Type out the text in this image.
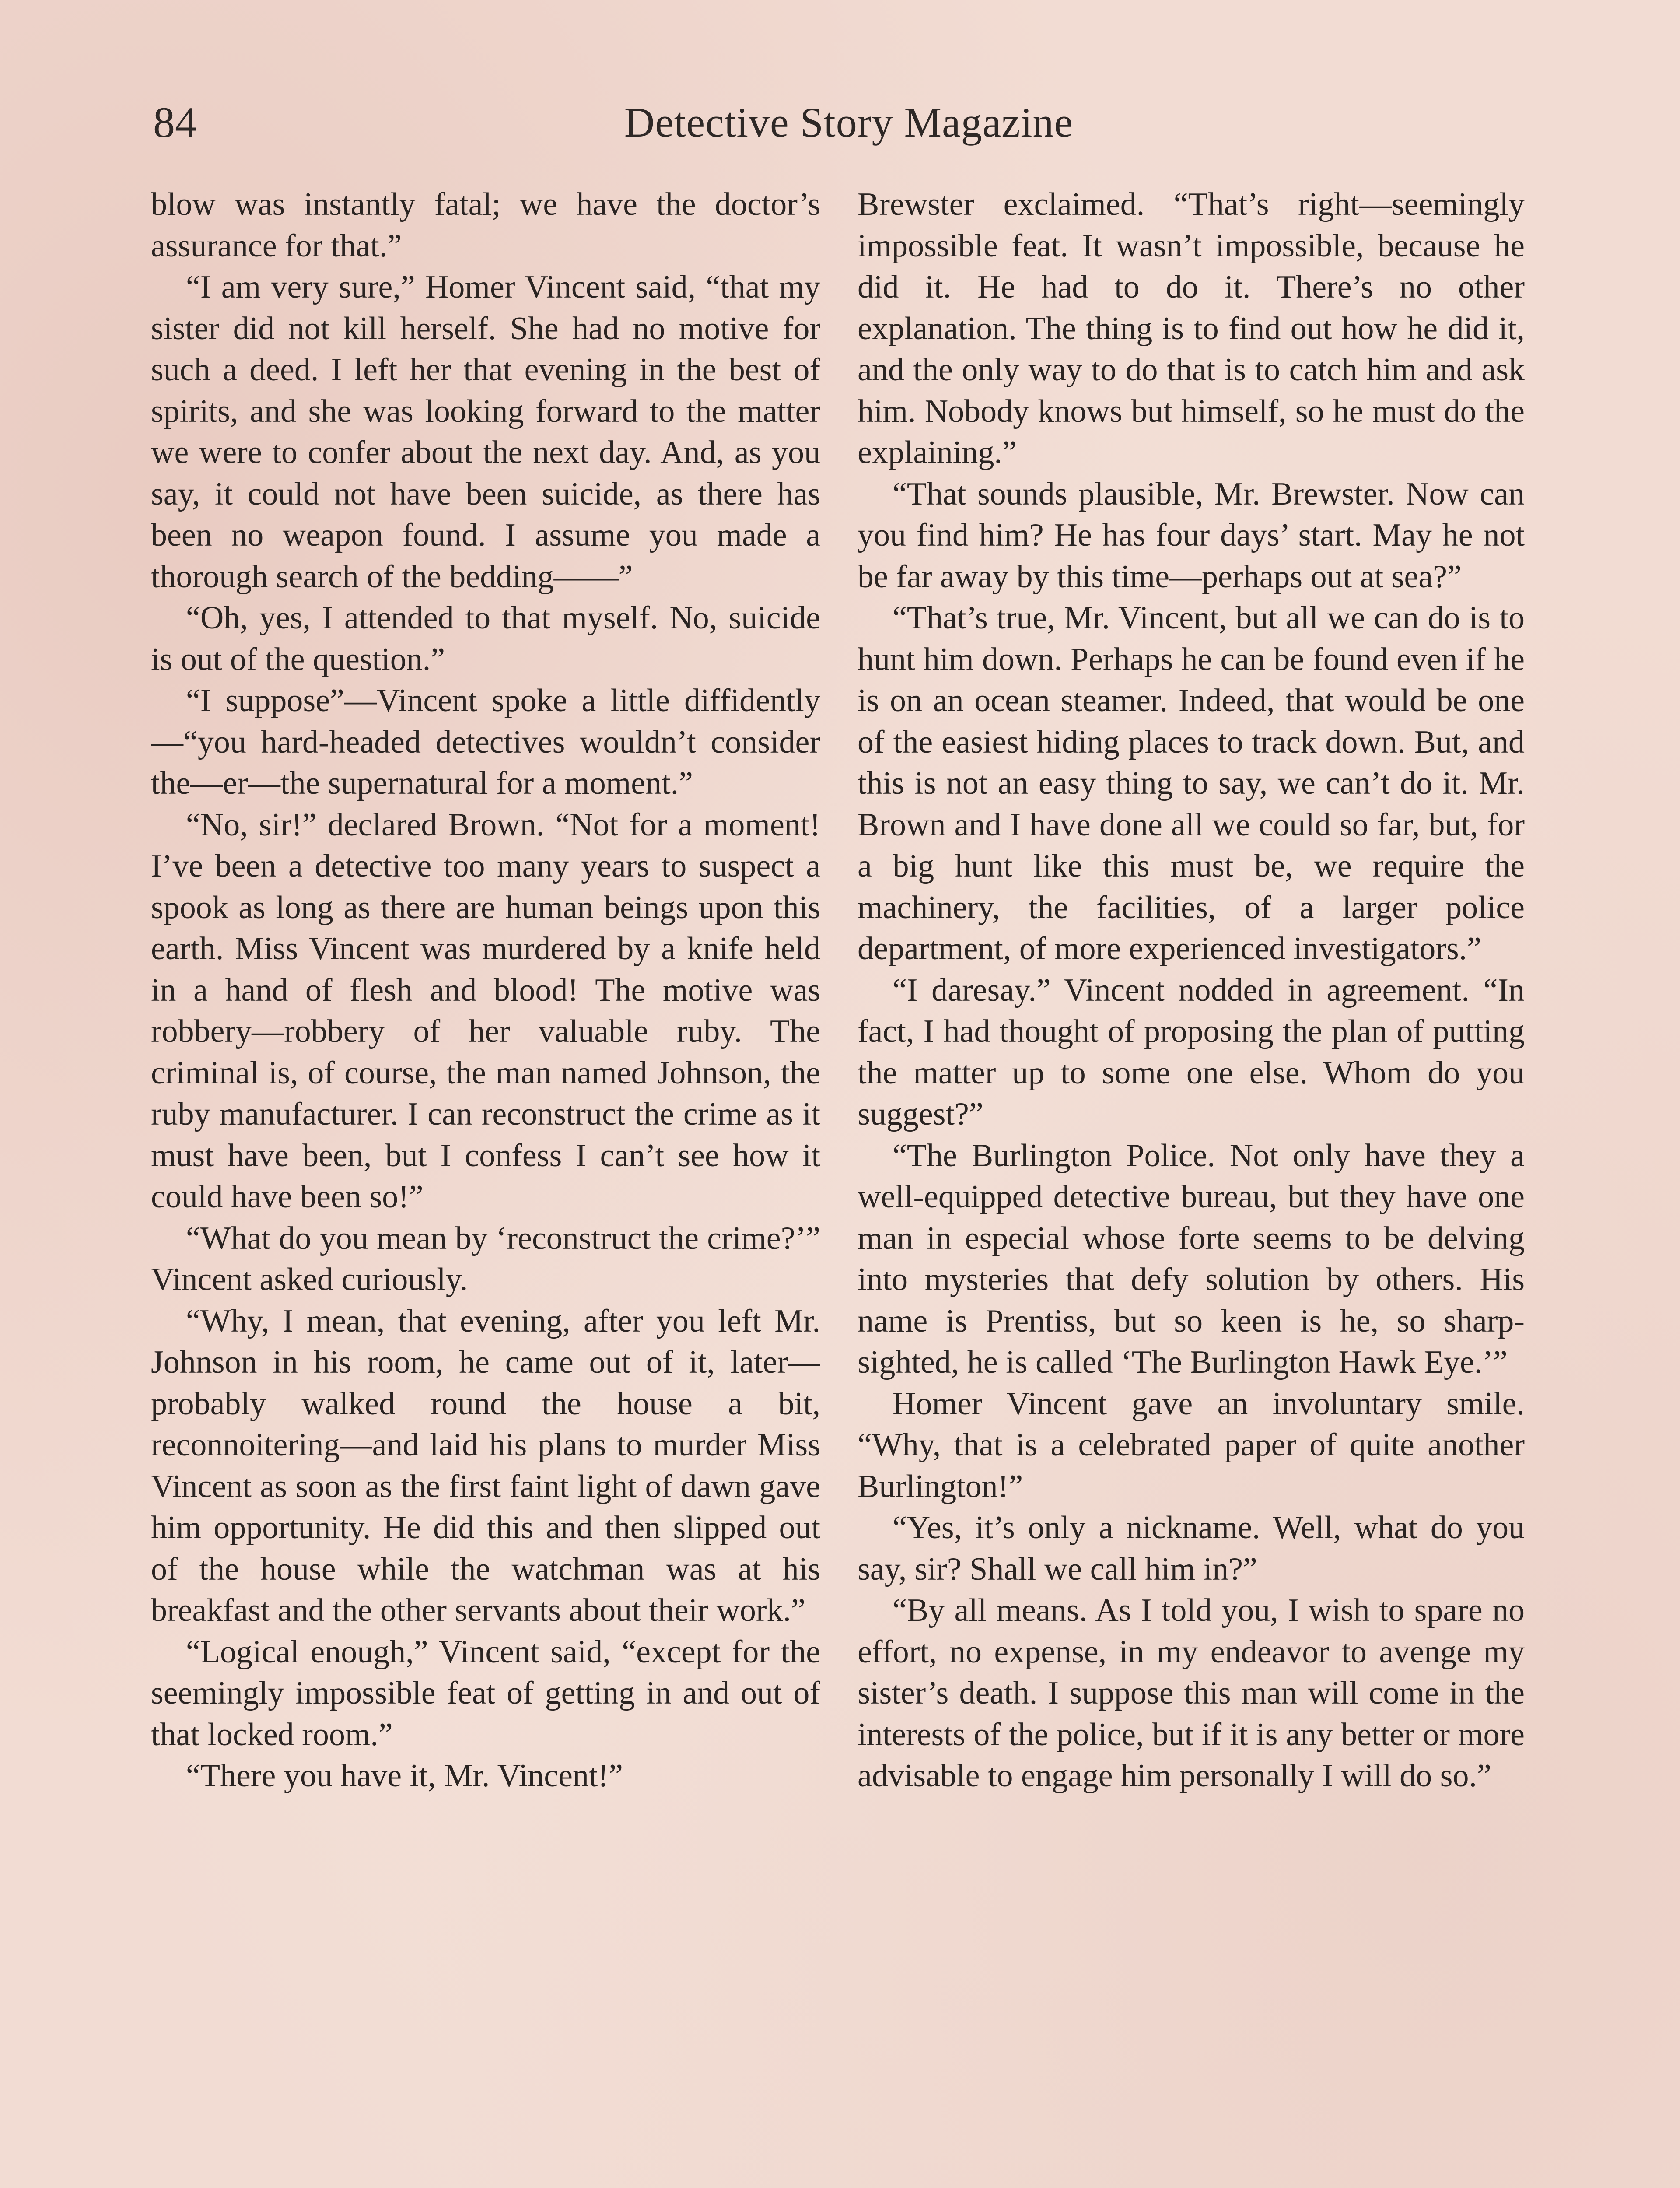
84	Detective Story Magazine

blow was instantly fatal; we have the doctor’s assurance for that.”

“I am very sure,” Homer Vincent said, “that my sister did not kill herself. She had no motive for such a deed. I left her that evening in the best of spirits, and she was looking forward to the matter we were to confer about the next day. And, as you say, it could not have been suicide, as there has been no weapon found. I assume you made a thorough search of the bedding——”

“Oh, yes, I attended to that myself. No, suicide is out of the question.”

“I suppose”—Vincent spoke a little diffidently—“you hard-headed detectives wouldn’t consider the—er—the supernatural for a moment.”

“No, sir!” declared Brown. “Not for a moment! I’ve been a detective too many years to suspect a spook as long as there are human beings upon this earth. Miss Vincent was murdered by a knife held in a hand of flesh and blood! The motive was robbery—robbery of her valuable ruby. The criminal is, of course, the man named Johnson, the ruby manufacturer. I can reconstruct the crime as it must have been, but I confess I can’t see how it could have been so!”

“What do you mean by ‘reconstruct the crime?’” Vincent asked curiously.

“Why, I mean, that evening, after you left Mr. Johnson in his room, he came out of it, later—probably walked round the house a bit, reconnoitering—and laid his plans to murder Miss Vincent as soon as the first faint light of dawn gave him opportunity. He did this and then slipped out of the house while the watchman was at his breakfast and the other servants about their work.”

“Logical enough,” Vincent said, “except for the seemingly impossible feat of getting in and out of that locked room.”

“There you have it, Mr. Vincent!”

Brewster exclaimed. “That’s right—seemingly impossible feat. It wasn’t impossible, because he did it. He had to do it. There’s no other explanation. The thing is to find out how he did it, and the only way to do that is to catch him and ask him. Nobody knows but himself, so he must do the explaining.”

“That sounds plausible, Mr. Brewster. Now can you find him? He has four days’ start. May he not be far away by this time—perhaps out at sea?”

“That’s true, Mr. Vincent, but all we can do is to hunt him down. Perhaps he can be found even if he is on an ocean steamer. Indeed, that would be one of the easiest hiding places to track down. But, and this is not an easy thing to say, we can’t do it. Mr. Brown and I have done all we could so far, but, for a big hunt like this must be, we require the machinery, the facilities, of a larger police department, of more experienced investigators.”

“I daresay.” Vincent nodded in agreement. “In fact, I had thought of proposing the plan of putting the matter up to some one else. Whom do you suggest?”

“The Burlington Police. Not only have they a well-equipped detective bureau, but they have one man in especial whose forte seems to be delving into mysteries that defy solution by others. His name is Prentiss, but so keen is he, so sharp-sighted, he is called ‘The Burlington Hawk Eye.’”

Homer Vincent gave an involuntary smile. “Why, that is a celebrated paper of quite another Burlington!”

“Yes, it’s only a nickname. Well, what do you say, sir? Shall we call him in?”

“By all means. As I told you, I wish to spare no effort, no expense, in my endeavor to avenge my sister’s death. I suppose this man will come in the interests of the police, but if it is any better or more advisable to engage him personally I will do so.”
